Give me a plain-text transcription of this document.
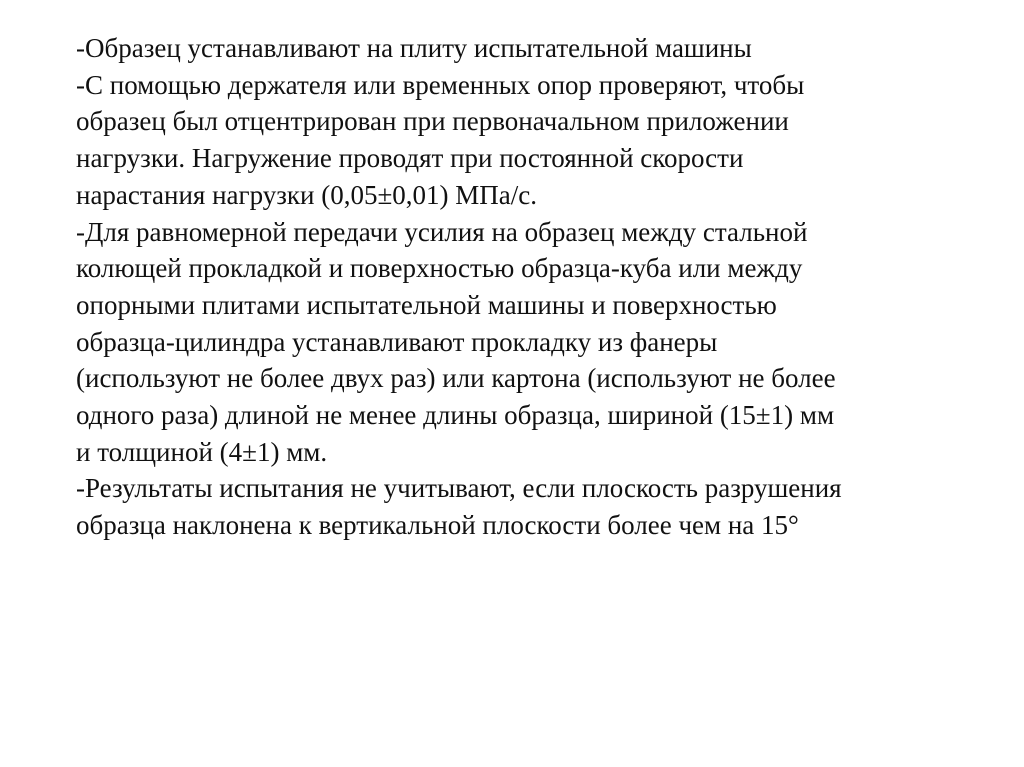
-Образец устанавливают на плиту испытательной машины
-С помощью держателя или временных опор проверяют, чтобы
образец был отцентрирован при первоначальном приложении
нагрузки. Нагружение проводят при постоянной скорости
нарастания нагрузки (0,05±0,01) МПа/с.
-Для равномерной передачи усилия на образец между стальной
колющей прокладкой и поверхностью образца-куба или между
опорными плитами испытательной машины и поверхностью
образца-цилиндра устанавливают прокладку из фанеры
(используют не более двух раз) или картона (используют не более
одного раза) длиной не менее длины образца, шириной (15±1) мм
и толщиной (4±1) мм.
-Результаты испытания не учитывают, если плоскость разрушения
образца наклонена к вертикальной плоскости более чем на 15°
